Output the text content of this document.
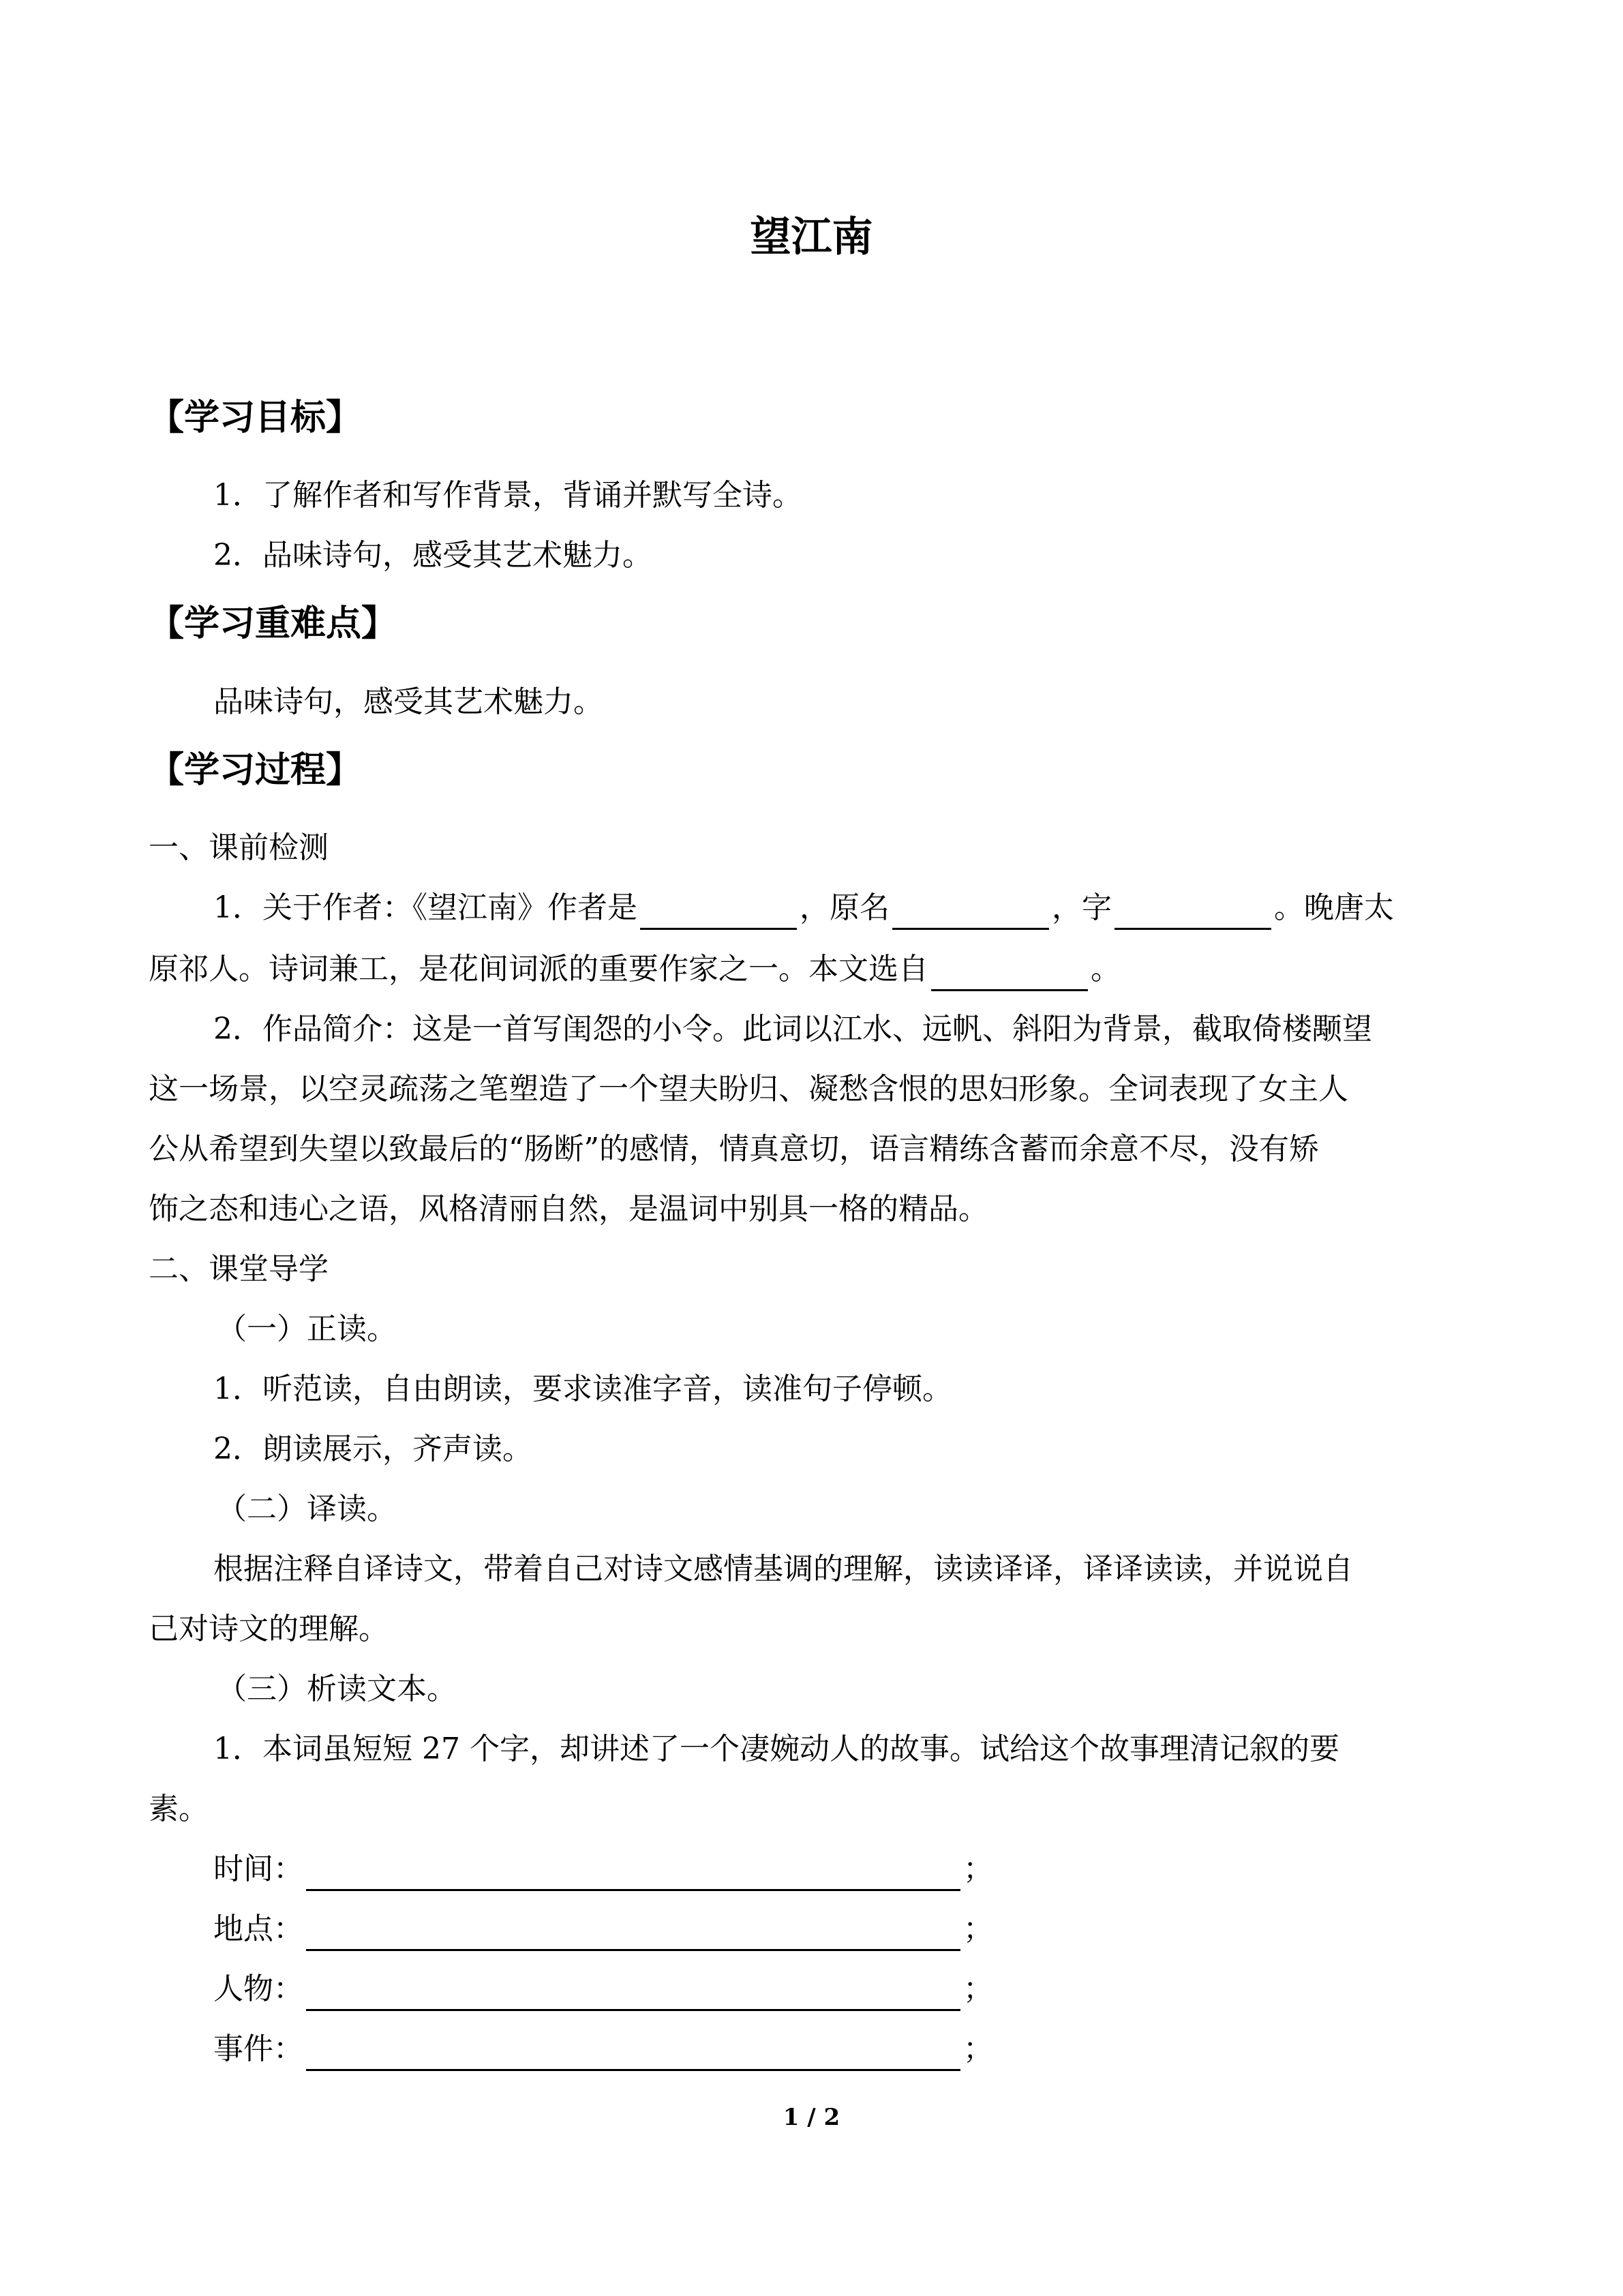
望江南
【学习目标】
1．了解作者和写作背景，背诵并默写全诗。
2．品味诗句，感受其艺术魅力。
【学习重难点】
品味诗句，感受其艺术魅力。
【学习过程】
一、课前检测
1．关于作者：《望江南》作者是	，原名	，字	。晚唐太
原祁人。诗词兼工，是花间词派的重要作家之一。本文选自	。
2．作品简介：这是一首写闺怨的小令。此词以江水、远帆、斜阳为背景，截取倚楼颙望
这一场景，以空灵疏荡之笔塑造了一个望夫盼归、凝愁含恨的思妇形象。全词表现了女主人
公从希望到失望以致最后的“肠断”的感情，情真意切，语言精练含蓄而余意不尽，没有矫
饰之态和违心之语，风格清丽自然，是温词中别具一格的精品。
二、课堂导学
（一）正读。
1．听范读，自由朗读，要求读准字音，读准句子停顿。
2．朗读展示，齐声读。
（二）译读。
根据注释自译诗文，带着自己对诗文感情基调的理解，读读译译，译译读读，并说说自
己对诗文的理解。
（三）析读文本。
1．本词虽短短 27 个字，却讲述了一个凄婉动人的故事。试给这个故事理清记叙的要
素。
时间：	；
地点：	；
人物：	；
事件：	；
1 / 2
